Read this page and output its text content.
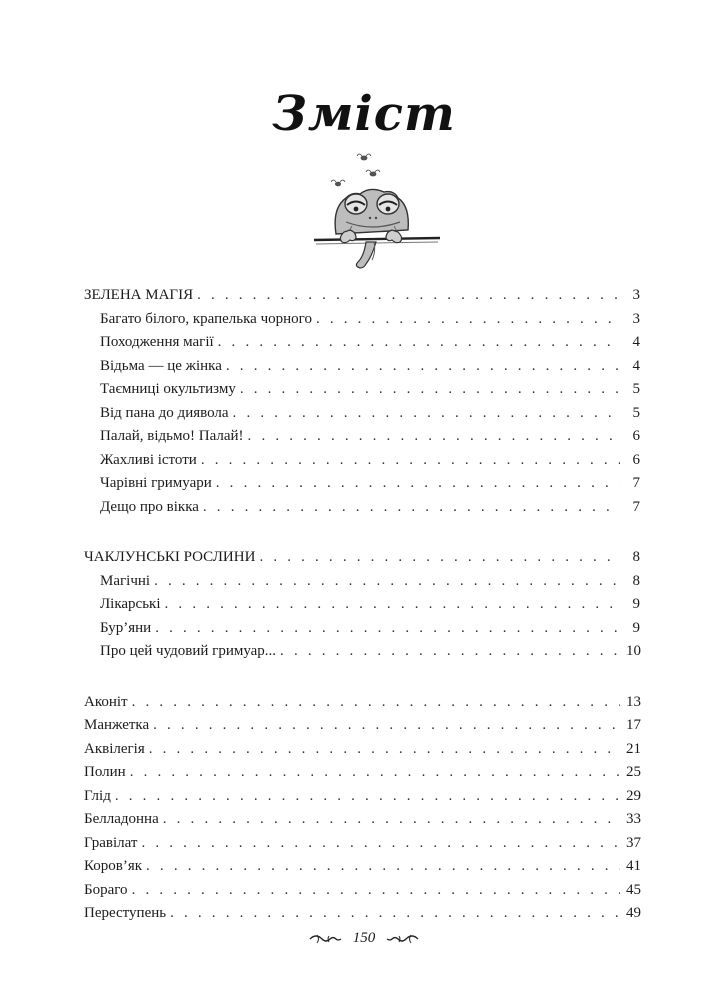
Зміст
ЗЕЛЕНА МАГІЯ . . .	3
Багато білого, крапелька чорного . . .	3
Походження магії . . .	4
Відьма — це жінка . . .	4
Таємниці окультизму . . .	5
Від пана до диявола . . .	5
Палай, відьмо! Палай! . . .	6
Жахливі істоти . . .	6
Чарівні гримуари . . .	7
Дещо про вікка . . .	7
ЧАКЛУНСЬКІ РОСЛИНИ . . .	8
Магічні . . .	8
Лікарські . . .	9
Бур’яни . . .	9
Про цей чудовий гримуар... . . .	10
Аконіт . . .	13
Манжетка . . .	17
Аквілегія . . .	21
Полин . . .	25
Глід . . .	29
Белладонна . . .	33
Гравілат . . .	37
Коров’як . . .	41
Бораго . . .	45
Переступень . . .	49
150
